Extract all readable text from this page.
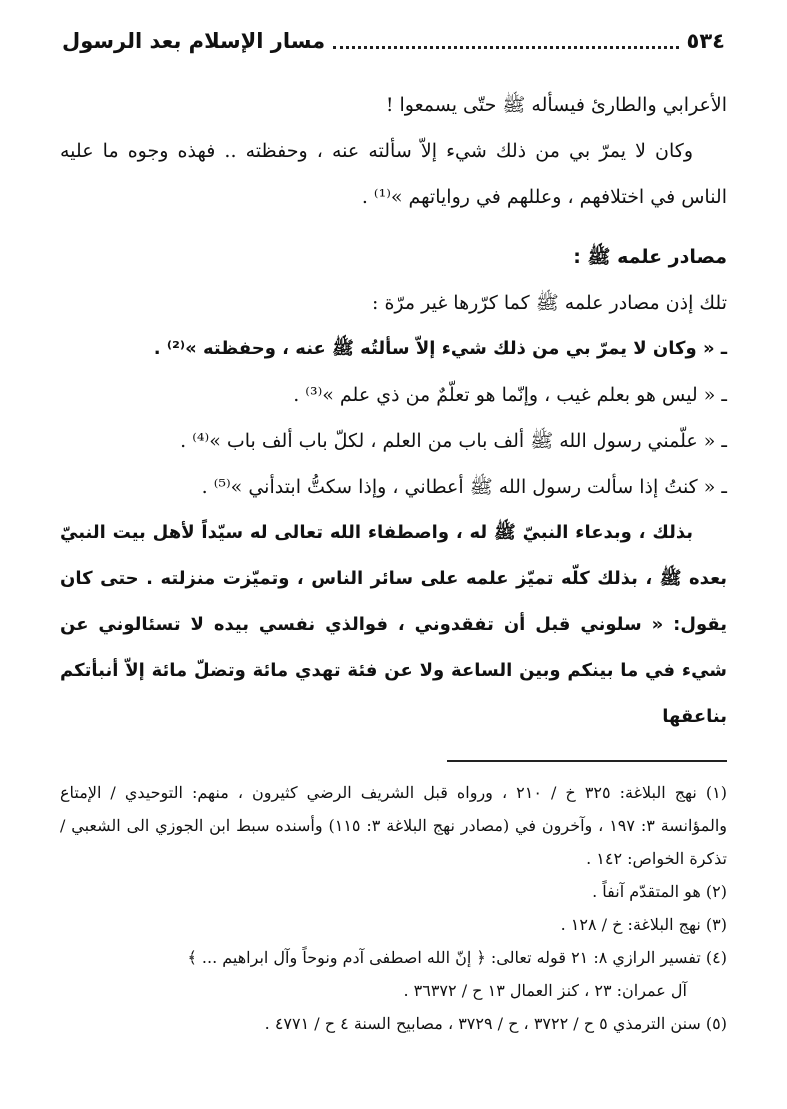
٥٣٤
مسار الإسلام بعد الرسول

الأعرابي والطارئ فيسأله ﷺ حتّى يسمعوا !

وكان لا يمرّ بي من ذلك شيء إلاّ سألته عنه ، وحفظته .. فهذه وجوه ما عليه الناس في اختلافهم ، وعللهم في رواياتهم »⁽¹⁾ .

مصادر علمه ﷺ :

تلك إذن مصادر علمه ﷺ كما كرّرها غير مرّة :

ـ « وكان لا يمرّ بي من ذلك شيء إلاّ سألتُه ﷺ عنه ، وحفظته »⁽²⁾ .

ـ « ليس هو بعلم غيب ، وإنّما هو تعلّمٌ من ذي علم »⁽³⁾ .

ـ « علّمني رسول الله ﷺ ألف باب من العلم ، لكلّ باب ألف باب »⁽⁴⁾ .

ـ « كنتُ إذا سألت رسول الله ﷺ أعطاني ، وإذا سكتُّ ابتدأني »⁽⁵⁾ .

بذلك ، وبدعاء النبيّ ﷺ له ، واصطفاء الله تعالى له سيّداً لأهل بيت النبيّ بعده ﷺ ، بذلك كلّه تميّز علمه على سائر الناس ، وتميّزت منزلته . حتى كان يقول: « سلوني قبل أن تفقدوني ، فوالذي نفسي بيده لا تسئالوني عن شيء في ما بينكم وبين الساعة ولا عن فئة تهدي مائة وتضلّ مائة إلاّ أنبأتكم بناعقها

(١) نهج البلاغة: ٣٢٥ خ / ٢١٠ ، ورواه قبل الشريف الرضي كثيرون ، منهم: التوحيدي / الإمتاع والمؤانسة ٣: ١٩٧ ، وآخرون في (مصادر نهج البلاغة ٣: ١١٥) وأسنده سبط ابن الجوزي الى الشعبي / تذكرة الخواص: ١٤٢ .

(٢) هو المتقدّم آنفاً .

(٣) نهج البلاغة: خ / ١٢٨ .

(٤) تفسير الرازي ٨: ٢١ قوله تعالى: ﴿ إنّ الله اصطفى آدم ونوحاً وآل ابراهيم ... ﴾

آل عمران: ٢٣ ، كنز العمال ١٣ ح / ٣٦٣٧٢ .

(٥) سنن الترمذي ٥ ح / ٣٧٢٢ ، ح / ٣٧٢٩ ، مصابيح السنة ٤ ح / ٤٧٧١ .
